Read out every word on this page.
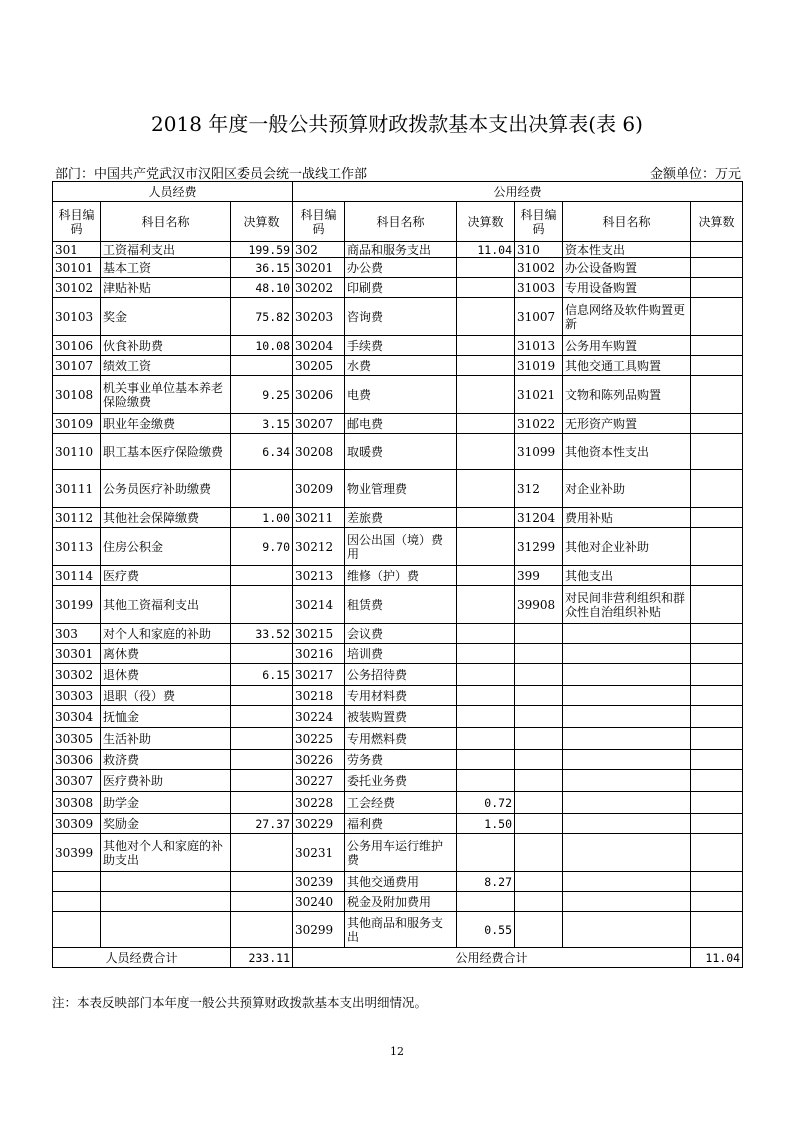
2018 年度一般公共预算财政拨款基本支出决算表(表 6)
部门：中国共产党武汉市汉阳区委员会统一战线工作部	金额单位：万元
人员经费			公用经费					
科目编码	科目名称	决算数	科目编码	科目名称	决算数	科目编码	科目名称	决算数
301	工资福利支出	199.59	302	商品和服务支出	11.04	310	资本性支出	
30101	基本工资	36.15	30201	办公费		31002	办公设备购置	
30102	津贴补贴	48.10	30202	印刷费		31003	专用设备购置	
30103	奖金	75.82	30203	咨询费		31007	信息网络及软件购置更新	
30106	伙食补助费	10.08	30204	手续费		31013	公务用车购置	
30107	绩效工资		30205	水费		31019	其他交通工具购置	
30108	机关事业单位基本养老保险缴费	9.25	30206	电费		31021	文物和陈列品购置	
30109	职业年金缴费	3.15	30207	邮电费		31022	无形资产购置	
30110	职工基本医疗保险缴费	6.34	30208	取暖费		31099	其他资本性支出	
30111	公务员医疗补助缴费		30209	物业管理费		312	对企业补助	
30112	其他社会保障缴费	1.00	30211	差旅费		31204	费用补贴	
30113	住房公积金	9.70	30212	因公出国（境）费用		31299	其他对企业补助	
30114	医疗费		30213	维修（护）费		399	其他支出	
30199	其他工资福利支出		30214	租赁费		39908	对民间非营利组织和群众性自治组织补贴	
303	对个人和家庭的补助	33.52	30215	会议费				
30301	离休费		30216	培训费				
30302	退休费	6.15	30217	公务招待费				
30303	退职（役）费		30218	专用材料费				
30304	抚恤金		30224	被装购置费				
30305	生活补助		30225	专用燃料费				
30306	救济费		30226	劳务费				
30307	医疗费补助		30227	委托业务费				
30308	助学金		30228	工会经费	0.72			
30309	奖励金	27.37	30229	福利费	1.50			
30399	其他对个人和家庭的补助支出		30231	公务用车运行维护费				
			30239	其他交通费用	8.27			
			30240	税金及附加费用				
			30299	其他商品和服务支出	0.55			
人员经费合计		233.11	公用经费合计					11.04
注：本表反映部门本年度一般公共预算财政拨款基本支出明细情况。
12
